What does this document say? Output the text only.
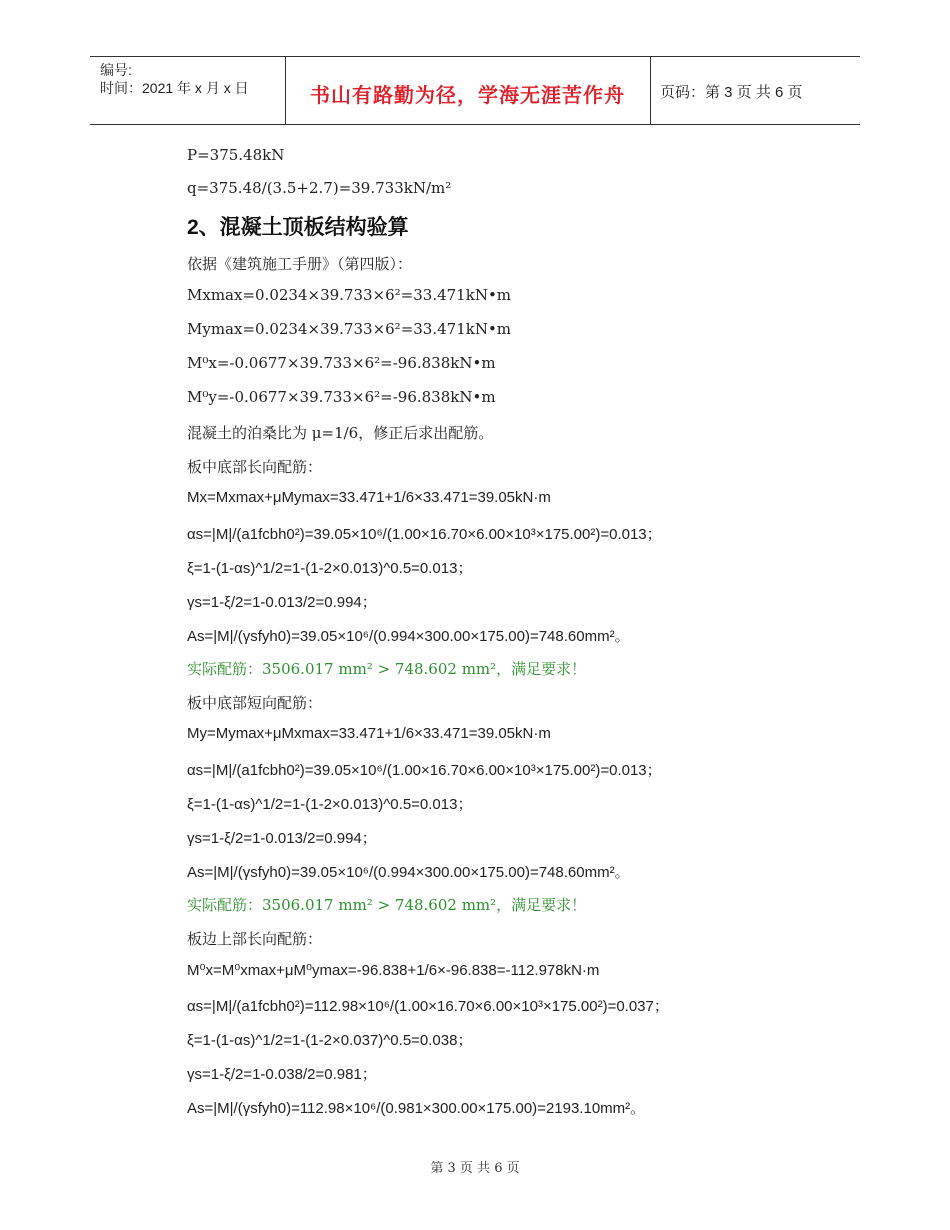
编号:
时间：2021 年 x 月 x 日	书山有路勤为径，学海无涯苦作舟	页码：第 3 页 共 6 页
P=375.48kN
q=375.48/(3.5+2.7)=39.733kN/m²
2、混凝土顶板结构验算
依据《建筑施工手册》（第四版）：
Mxmax=0.0234×39.733×6²=33.471kN•m
Mymax=0.0234×39.733×6²=33.471kN•m
M⁰x=-0.0677×39.733×6²=-96.838kN•m
M⁰y=-0.0677×39.733×6²=-96.838kN•m
混凝土的泊桑比为 μ=1/6，修正后求出配筋。
板中底部长向配筋：
Mx=Mxmax+μMymax=33.471+1/6×33.471=39.05kN·m
αs=|M|/(a1fcbh0²)=39.05×10⁶/(1.00×16.70×6.00×10³×175.00²)=0.013；
ξ=1-(1-αs)^1/2=1-(1-2×0.013)^0.5=0.013；
γs=1-ξ/2=1-0.013/2=0.994；
As=|M|/(γsfyh0)=39.05×10⁶/(0.994×300.00×175.00)=748.60mm²。
实际配筋：3506.017 mm² > 748.602 mm²，满足要求！
板中底部短向配筋：
My=Mymax+μMxmax=33.471+1/6×33.471=39.05kN·m
αs=|M|/(a1fcbh0²)=39.05×10⁶/(1.00×16.70×6.00×10³×175.00²)=0.013；
ξ=1-(1-αs)^1/2=1-(1-2×0.013)^0.5=0.013；
γs=1-ξ/2=1-0.013/2=0.994；
As=|M|/(γsfyh0)=39.05×10⁶/(0.994×300.00×175.00)=748.60mm²。
实际配筋：3506.017 mm² > 748.602 mm²，满足要求！
板边上部长向配筋：
M⁰x=M⁰xmax+μM⁰ymax=-96.838+1/6×-96.838=-112.978kN·m
αs=|M|/(a1fcbh0²)=112.98×10⁶/(1.00×16.70×6.00×10³×175.00²)=0.037；
ξ=1-(1-αs)^1/2=1-(1-2×0.037)^0.5=0.038；
γs=1-ξ/2=1-0.038/2=0.981；
As=|M|/(γsfyh0)=112.98×10⁶/(0.981×300.00×175.00)=2193.10mm²。
第 3 页 共 6 页
